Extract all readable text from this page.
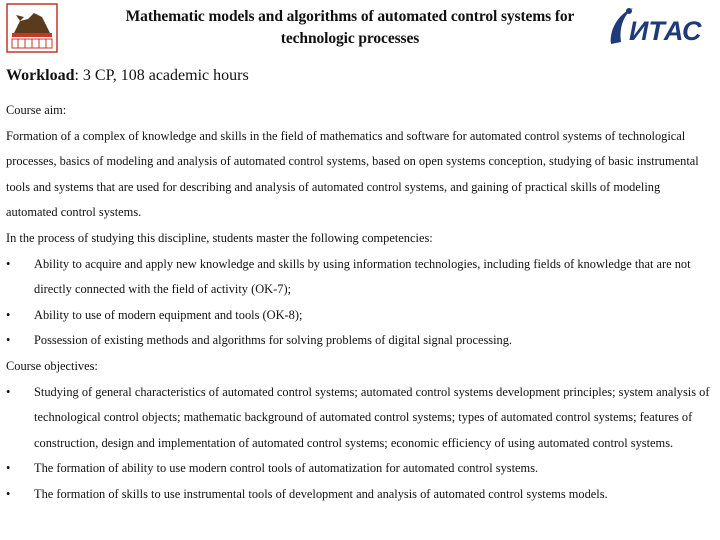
Mathematic models and algorithms of automated control systems for
technologic processes	ИТАС
Workload: 3 CP, 108 academic hours

Course aim:

Formation of a complex of knowledge and skills in the field of mathematics and software for automated control systems of technological processes, basics of modeling and analysis of automated control systems, based on open systems conception, studying of basic instrumental tools and systems that are used for describing and analysis of automated control systems, and gaining of practical skills of modeling automated control systems.

In the process of studying this discipline, students master the following competencies:

•	Ability to acquire and apply new knowledge and skills by using information technologies, including fields of knowledge that are not directly connected with the field of activity (OK-7);
•	Ability to use of modern equipment and tools (OK-8);
•	Possession of existing methods and algorithms for solving problems of digital signal processing.

Course objectives:

•	Studying of general characteristics of automated control systems; automated control systems development principles; system analysis of technological control objects; mathematic background of automated control systems; types of automated control systems; features of construction, design and implementation of automated control systems; economic efficiency of using automated control systems.
•	The formation of ability to use modern control tools of automatization for automated control systems.
•	The formation of skills to use instrumental tools of development and analysis of automated control systems models.
